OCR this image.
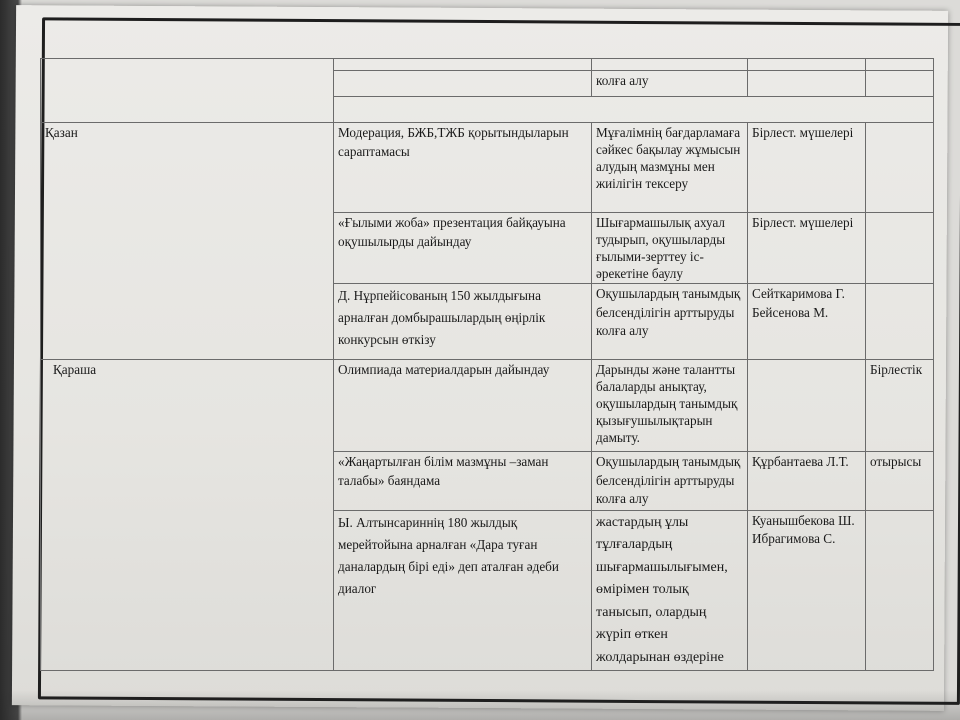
		колға алу		

Қазан	Модерация, БЖБ,ТЖБ қорытындыларын сараптамасы	Мұғалімнің бағдарламаға сәйкес бақылау жұмысын алудың мазмұны мен жиілігін тексеру	Бірлест. мүшелері	
	«Ғылыми жоба» презентация байқауына оқушылырды дайындау	Шығармашылық ахуал тудырып, оқушыларды ғылыми-зерттеу іс-әрекетіне баулу	Бірлест. мүшелері	
	Д. Нұрпейісованың 150 жылдығына арналған домбырашылардың өңірлік конкурсын өткізу	Оқушылардың танымдық белсенділігін арттыруды колға алу	Сейткаримова Г. Бейсенова М.	
Қараша	Олимпиада материалдарын дайындау	Дарынды және талантты балаларды анықтау, оқушылардың танымдық қызығушылықтарын дамыту.		Бірлестік
	«Жаңартылған білім мазмұны –заман талабы» баяндама	Оқушылардың танымдық белсенділігін арттыруды колға алу	Құрбантаева Л.Т.	отырысы
	Ы. Алтынсариннің 180 жылдық мерейтойына арналған «Дара туған даналардың бірі еді» деп аталған әдеби диалог	жастардың ұлы тұлғалардың шығармашылығымен, өмірімен толық танысып, олардың жүріп өткен жолдарынан өздеріне	Куанышбекова Ш. Ибрагимова С.	
